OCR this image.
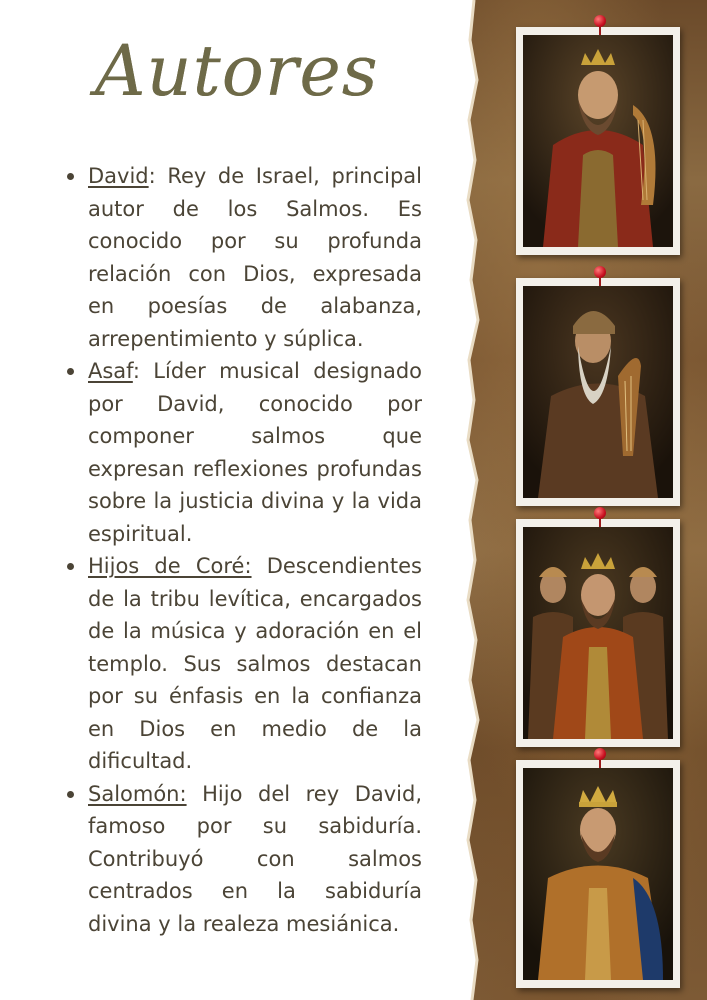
Autores
David: Rey de Israel, principal autor de los Salmos. Es conocido por su profunda relación con Dios, expresada en poesías de alabanza, arrepentimiento y súplica.
Asaf: Líder musical designado por David, conocido por componer salmos que expresan reflexiones profundas sobre la justicia divina y la vida espiritual.
Hijos de Coré: Descendientes de la tribu levítica, encargados de la música y adoración en el templo. Sus salmos destacan por su énfasis en la confianza en Dios en medio de la dificultad.
Salomón: Hijo del rey David, famoso por su sabiduría. Contribuyó con salmos centrados en la sabiduría divina y la realeza mesiánica.
